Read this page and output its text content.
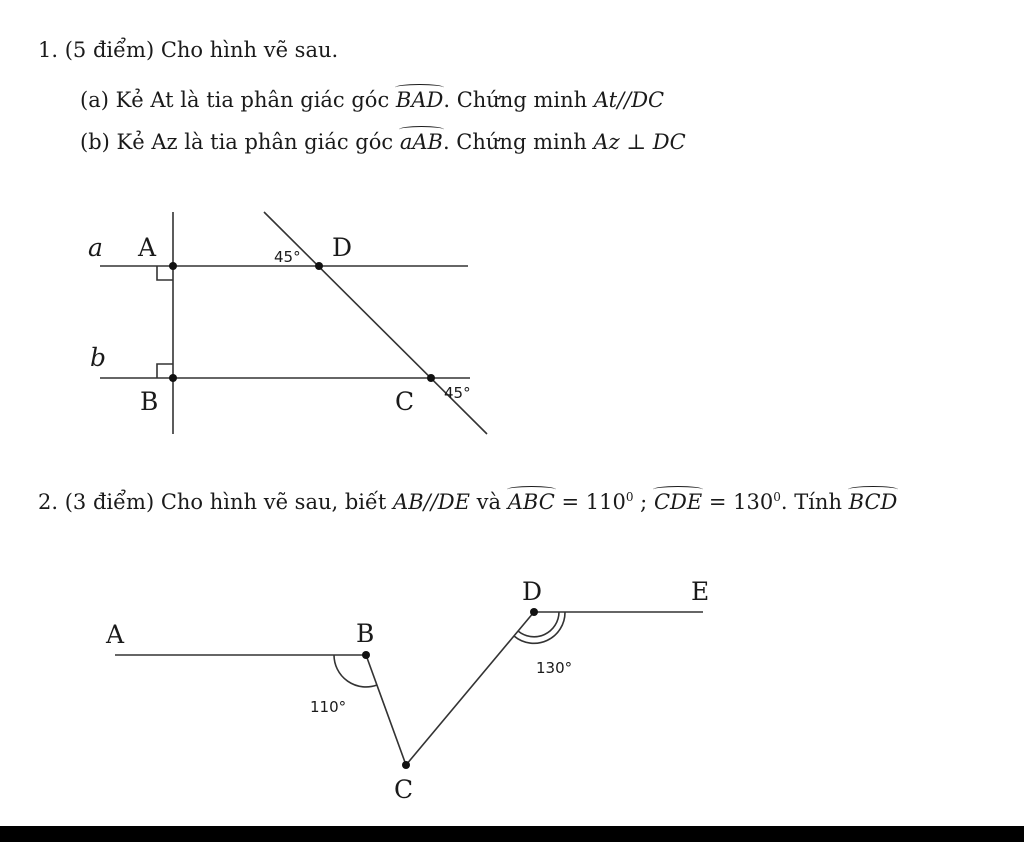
1. (5 điểm) Cho hình vẽ sau.
(a) Kẻ At là tia phân giác góc BAD. Chứng minh At//DC
(b) Kẻ Az là tia phân giác góc aAB. Chứng minh Az ⊥ DC
2. (3 điểm) Cho hình vẽ sau, biết AB//DE và ABC = $110^0$ ; CDE = $130^0$. Tính BCD
a A	D
b
B	C
45°
45°
A	B
C
D	E
110°
130°
